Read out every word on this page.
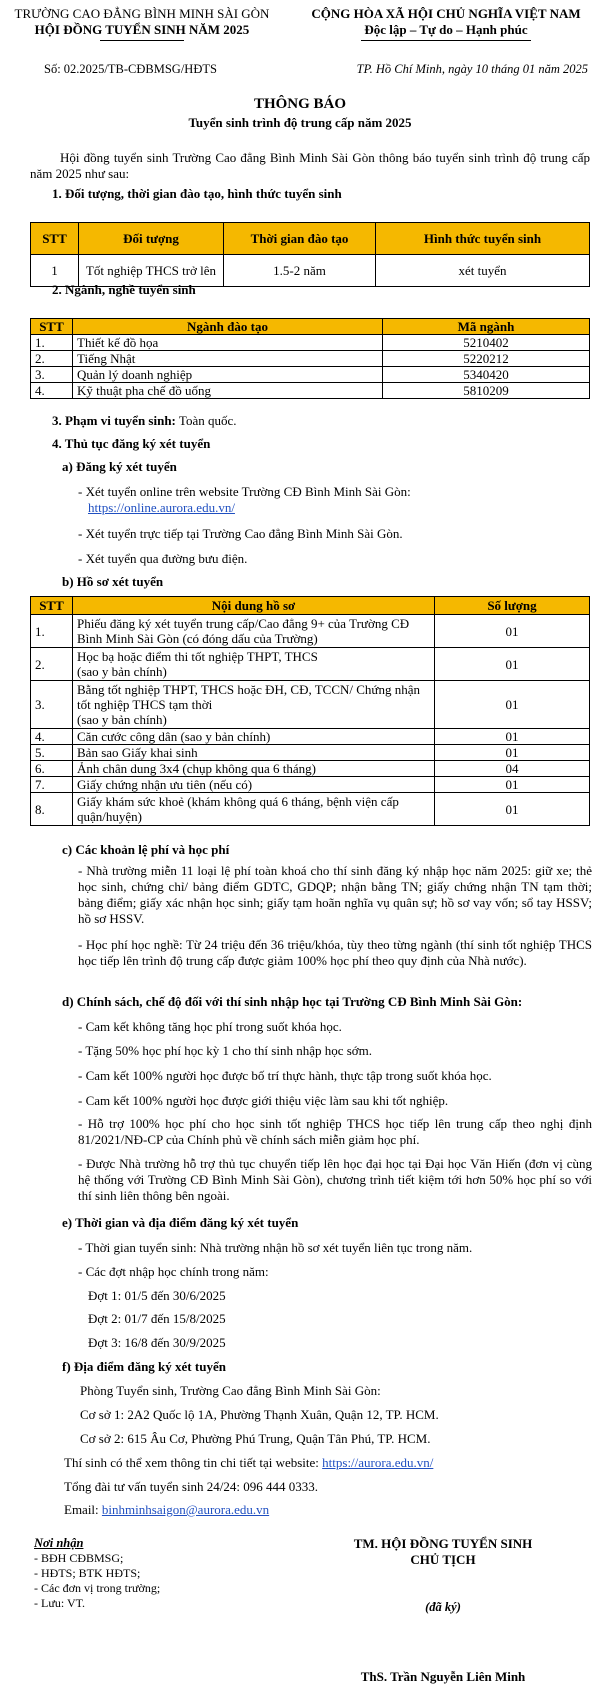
TRƯỜNG CAO ĐẲNG BÌNH MINH SÀI GÒN
HỘI ĐỒNG TUYỂN SINH NĂM 2025
CỘNG HÒA XÃ HỘI CHỦ NGHĨA VIỆT NAM
Độc lập – Tự do – Hạnh phúc
Số: 02.2025/TB-CĐBMSG/HĐTS	TP. Hồ Chí Minh, ngày 10 tháng 01 năm 2025
THÔNG BÁO
Tuyển sinh trình độ trung cấp năm 2025
Hội đồng tuyển sinh Trường Cao đẳng Bình Minh Sài Gòn thông báo tuyển sinh trình độ trung cấp năm 2025 như sau:
1. Đối tượng, thời gian đào tạo, hình thức tuyển sinh
STT	Đối tượng	Thời gian đào tạo	Hình thức tuyển sinh
1	Tốt nghiệp THCS trở lên	1.5-2 năm	xét tuyển
2. Ngành, nghề tuyển sinh
STT	Ngành đào tạo	Mã ngành
1.	Thiết kế đồ họa	5210402
2.	Tiếng Nhật	5220212
3.	Quản lý doanh nghiệp	5340420
4.	Kỹ thuật pha chế đồ uống	5810209
3. Phạm vi tuyển sinh: Toàn quốc.
4. Thủ tục đăng ký xét tuyển
a) Đăng ký xét tuyển
- Xét tuyển online trên website Trường CĐ Bình Minh Sài Gòn:
https://online.aurora.edu.vn/
- Xét tuyển trực tiếp tại Trường Cao đẳng Bình Minh Sài Gòn.
- Xét tuyển qua đường bưu điện.
b) Hồ sơ xét tuyển
STT	Nội dung hồ sơ	Số lượng
1.	Phiếu đăng ký xét tuyển trung cấp/Cao đẳng 9+ của Trường CĐ Bình Minh Sài Gòn (có đóng dấu của Trường)	01
2.	Học bạ hoặc điểm thi tốt nghiệp THPT, THCS
(sao y bản chính)	01
3.	Bằng tốt nghiệp THPT, THCS hoặc ĐH, CĐ, TCCN/ Chứng nhận tốt nghiệp THCS tạm thời
(sao y bản chính)	01
4.	Căn cước công dân (sao y bản chính)	01
5.	Bản sao Giấy khai sinh	01
6.	Ảnh chân dung 3x4 (chụp không qua 6 tháng)	04
7.	Giấy chứng nhận ưu tiên (nếu có)	01
8.	Giấy khám sức khoẻ (khám không quá 6 tháng, bệnh viện cấp quận/huyện)	01
c) Các khoản lệ phí và học phí
- Nhà trường miễn 11 loại lệ phí toàn khoá cho thí sinh đăng ký nhập học năm 2025: giữ xe; thẻ học sinh, chứng chỉ/ bảng điểm GDTC, GDQP; nhận bằng TN; giấy chứng nhận TN tạm thời; bảng điểm; giấy xác nhận học sinh; giấy tạm hoãn nghĩa vụ quân sự; hồ sơ vay vốn; sổ tay HSSV; hồ sơ HSSV.
- Học phí học nghề: Từ 24 triệu đến 36 triệu/khóa, tùy theo từng ngành (thí sinh tốt nghiệp THCS học tiếp lên trình độ trung cấp được giảm 100% học phí theo quy định của Nhà nước).
d) Chính sách, chế độ đối với thí sinh nhập học tại Trường CĐ Bình Minh Sài Gòn:
- Cam kết không tăng học phí trong suốt khóa học.
- Tặng 50% học phí học kỳ 1 cho thí sinh nhập học sớm.
- Cam kết 100% người học được bố trí thực hành, thực tập trong suốt khóa học.
- Cam kết 100% người học được giới thiệu việc làm sau khi tốt nghiệp.
- Hỗ trợ 100% học phí cho học sinh tốt nghiệp THCS học tiếp lên trung cấp theo nghị định 81/2021/NĐ-CP của Chính phủ về chính sách miễn giảm học phí.
- Được Nhà trường hỗ trợ thủ tục chuyển tiếp lên học đại học tại Đại học Văn Hiến (đơn vị cùng hệ thống với Trường CĐ Bình Minh Sài Gòn), chương trình tiết kiệm tới hơn 50% học phí so với thí sinh liên thông bên ngoài.
e) Thời gian và địa điểm đăng ký xét tuyển
- Thời gian tuyển sinh: Nhà trường nhận hồ sơ xét tuyển liên tục trong năm.
- Các đợt nhập học chính trong năm:
Đợt 1: 01/5 đến 30/6/2025
Đợt 2: 01/7 đến 15/8/2025
Đợt 3: 16/8 đến 30/9/2025
f) Địa điểm đăng ký xét tuyển
Phòng Tuyển sinh, Trường Cao đẳng Bình Minh Sài Gòn:
Cơ sở 1: 2A2 Quốc lộ 1A, Phường Thạnh Xuân, Quận 12, TP. HCM.
Cơ sở 2: 615 Âu Cơ, Phường Phú Trung, Quận Tân Phú, TP. HCM.
Thí sinh có thể xem thông tin chi tiết tại website: https://aurora.edu.vn/
Tổng đài tư vấn tuyển sinh 24/24: 096 444 0333.
Email: binhminhsaigon@aurora.edu.vn
Nơi nhận
- BĐH CĐBMSG;
- HĐTS; BTK HĐTS;
- Các đơn vị trong trường;
- Lưu: VT.
TM. HỘI ĐỒNG TUYỂN SINH
CHỦ TỊCH
(đã ký)
ThS. Trần Nguyễn Liên Minh
